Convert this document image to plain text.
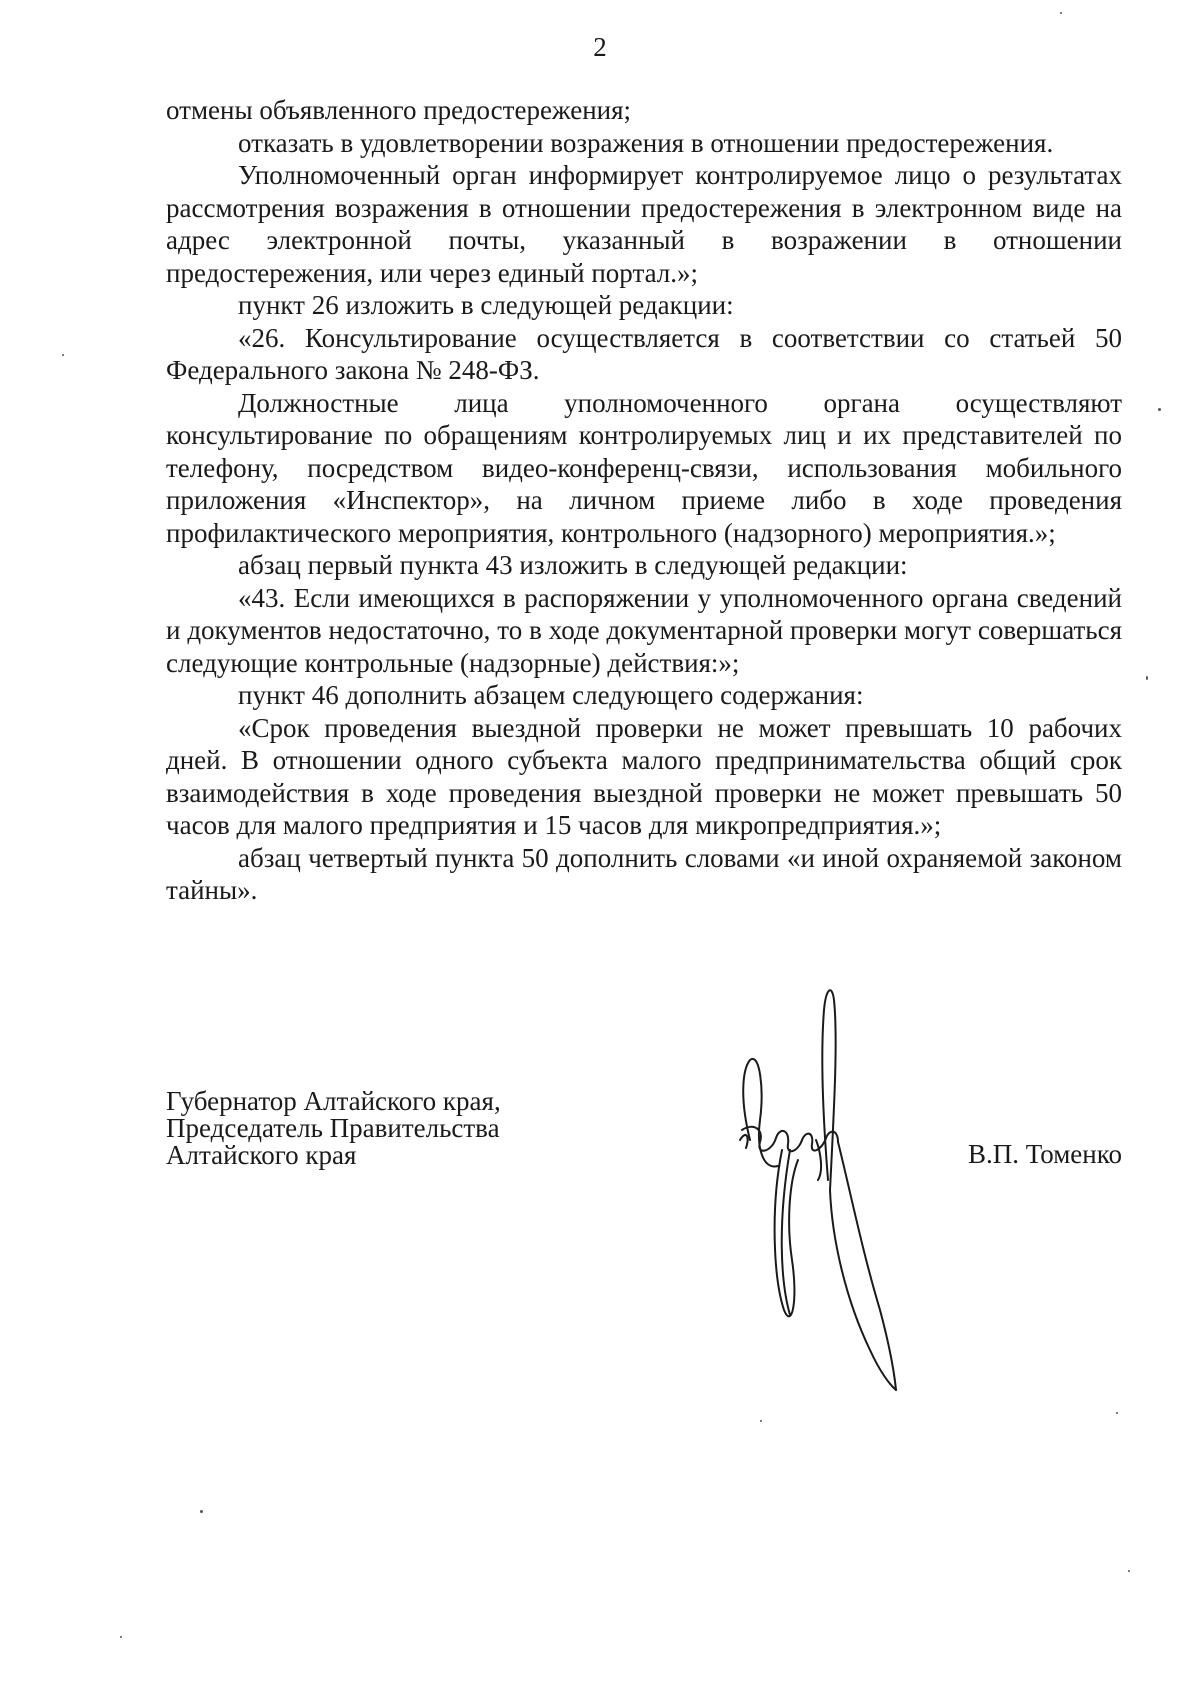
2

отмены объявленного предостережения;

отказать в удовлетворении возражения в отношении предостережения.

Уполномоченный орган информирует контролируемое лицо о результатах рассмотрения возражения в отношении предостережения в электронном виде на адрес электронной почты, указанный в возражении в отношении предостережения, или через единый портал.»;

пункт 26 изложить в следующей редакции:

«26. Консультирование осуществляется в соответствии со статьей 50 Федерального закона № 248-ФЗ.

Должностные лица уполномоченного органа осуществляют консультирование по обращениям контролируемых лиц и их представителей по телефону, посредством видео-конференц-связи, использования мобильного приложения «Инспектор», на личном приеме либо в ходе проведения профилактического мероприятия, контрольного (надзорного) мероприятия.»;

абзац первый пункта 43 изложить в следующей редакции:

«43. Если имеющихся в распоряжении у уполномоченного органа сведений и документов недостаточно, то в ходе документарной проверки могут совершаться следующие контрольные (надзорные) действия:»;

пункт 46 дополнить абзацем следующего содержания:

«Срок проведения выездной проверки не может превышать 10 рабочих дней. В отношении одного субъекта малого предпринимательства общий срок взаимодействия в ходе проведения выездной проверки не может превышать 50 часов для малого предприятия и 15 часов для микропредприятия.»;

абзац четвертый пункта 50 дополнить словами «и иной охраняемой законом тайны».

Губернатор Алтайского края,
Председатель Правительства
Алтайского края	В.П. Томенко
